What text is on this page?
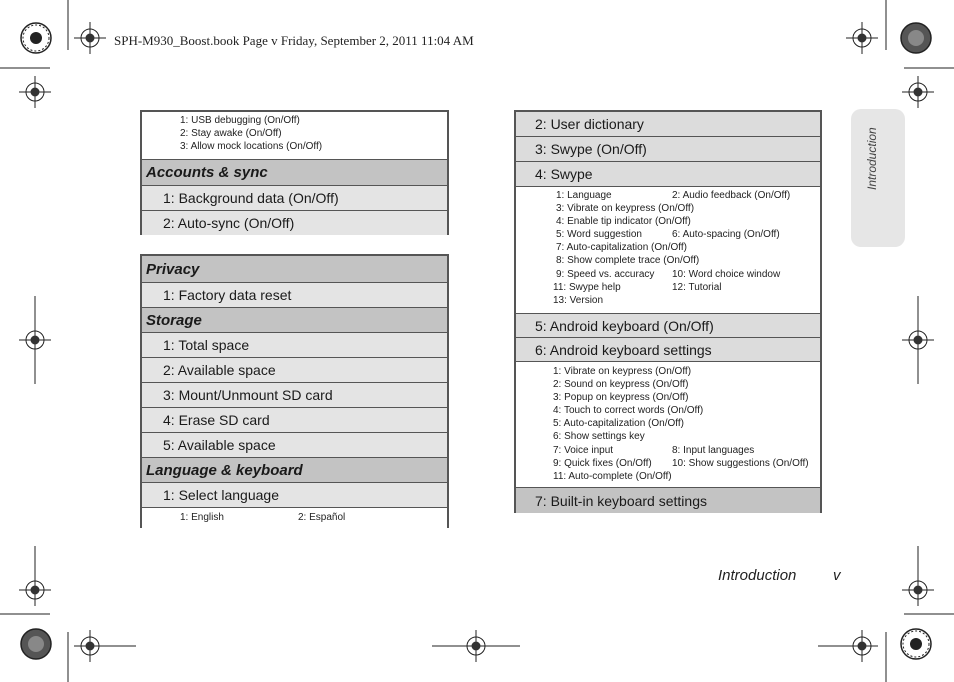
SPH-M930_Boost.book Page v Friday, September 2, 2011 11:04 AM
Introduction
1: USB debugging (On/Off)
2: Stay awake (On/Off)
3: Allow mock locations (On/Off)
Accounts & sync
1: Background data (On/Off)
2: Auto-sync (On/Off)
Privacy
1: Factory data reset
Storage
1: Total space
2: Available space
3: Mount/Unmount SD card
4: Erase SD card
5: Available space
Language & keyboard
1: Select language
1: English	2: Español
2: User dictionary
3: Swype (On/Off)
4: Swype
1: Language	2: Audio feedback (On/Off)
3: Vibrate on keypress (On/Off)
4: Enable tip indicator (On/Off)
5: Word suggestion	6: Auto-spacing (On/Off)
7: Auto-capitalization (On/Off)
8: Show complete trace (On/Off)
9: Speed vs. accuracy 10: Word choice window
11: Swype help	12: Tutorial
13: Version
5: Android keyboard (On/Off)
6: Android keyboard settings
1: Vibrate on keypress (On/Off)
2: Sound on keypress (On/Off)
3: Popup on keypress (On/Off)
4: Touch to correct words (On/Off)
5: Auto-capitalization (On/Off)
6: Show settings key
7: Voice input	8: Input languages
9: Quick fixes (On/Off) 10: Show suggestions (On/Off)
11: Auto-complete (On/Off)
7: Built-in keyboard settings
Introduction v
